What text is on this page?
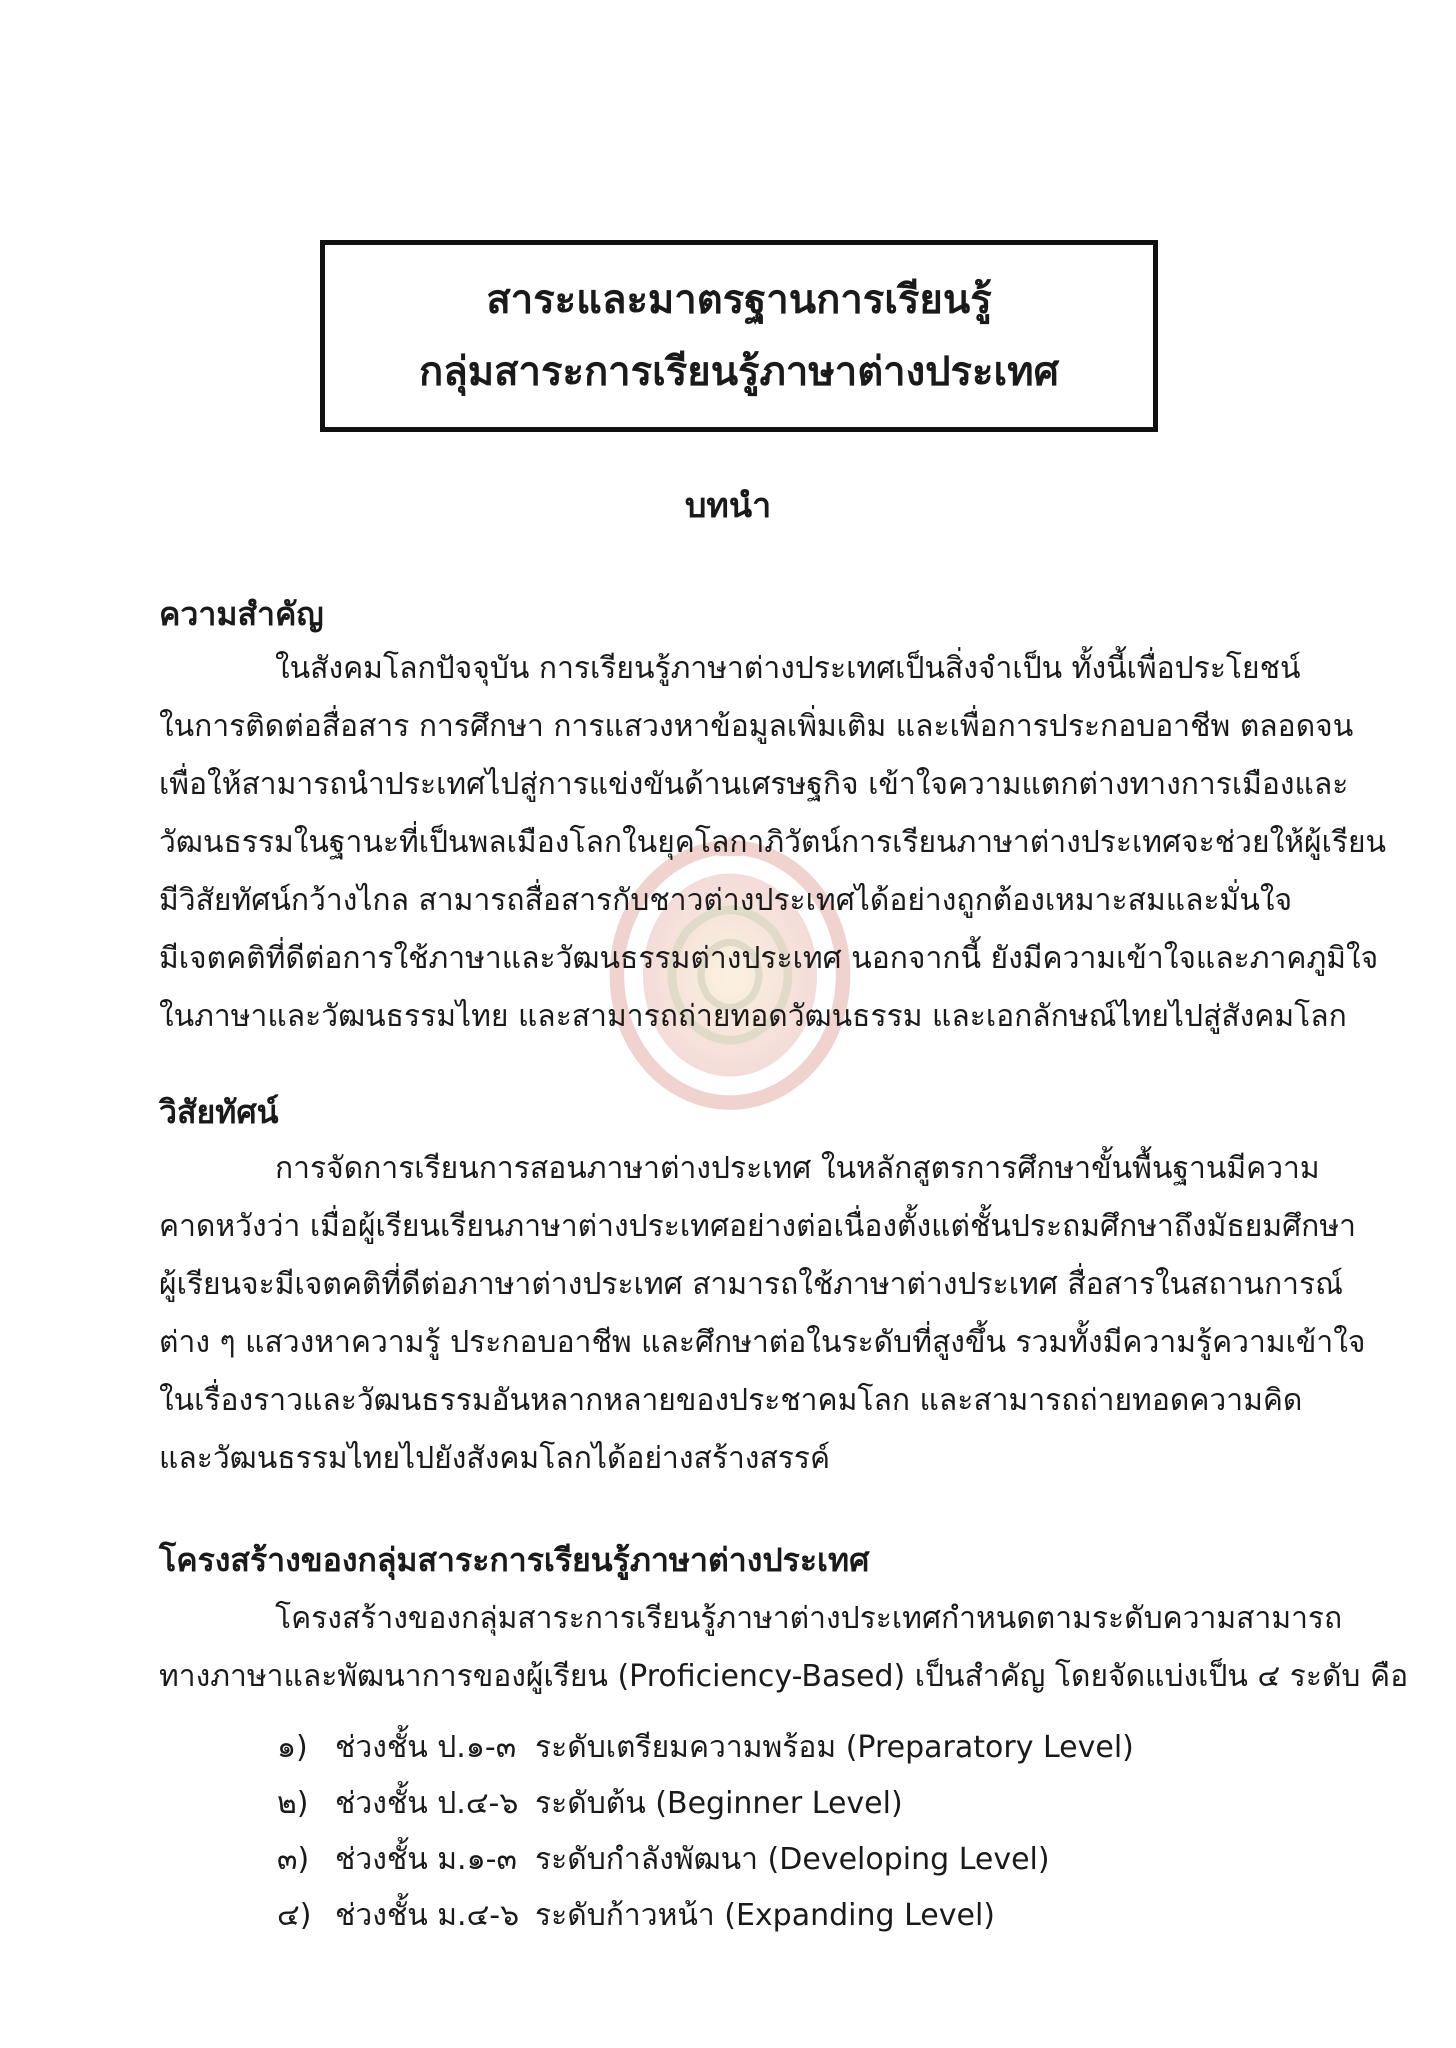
สาระและมาตรฐานการเรียนรู้
กลุ่มสาระการเรียนรู้ภาษาต่างประเทศ
บทนำ
ความสำคัญ
ในสังคมโลกปัจจุบัน การเรียนรู้ภาษาต่างประเทศเป็นสิ่งจำเป็น ทั้งนี้เพื่อประโยชน์
ในการติดต่อสื่อสาร การศึกษา การแสวงหาข้อมูลเพิ่มเติม และเพื่อการประกอบอาชีพ ตลอดจน
เพื่อให้สามารถนำประเทศไปสู่การแข่งขันด้านเศรษฐกิจ เข้าใจความแตกต่างทางการเมืองและ
วัฒนธรรมในฐานะที่เป็นพลเมืองโลกในยุคโลกาภิวัตน์การเรียนภาษาต่างประเทศจะช่วยให้ผู้เรียน
มีวิสัยทัศน์กว้างไกล สามารถสื่อสารกับชาวต่างประเทศได้อย่างถูกต้องเหมาะสมและมั่นใจ
มีเจตคติที่ดีต่อการใช้ภาษาและวัฒนธรรมต่างประเทศ นอกจากนี้ ยังมีความเข้าใจและภาคภูมิใจ
ในภาษาและวัฒนธรรมไทย และสามารถถ่ายทอดวัฒนธรรม และเอกลักษณ์ไทยไปสู่สังคมโลก
วิสัยทัศน์
การจัดการเรียนการสอนภาษาต่างประเทศ ในหลักสูตรการศึกษาขั้นพื้นฐานมีความ
คาดหวังว่า เมื่อผู้เรียนเรียนภาษาต่างประเทศอย่างต่อเนื่องตั้งแต่ชั้นประถมศึกษาถึงมัธยมศึกษา
ผู้เรียนจะมีเจตคติที่ดีต่อภาษาต่างประเทศ สามารถใช้ภาษาต่างประเทศ สื่อสารในสถานการณ์
ต่าง ๆ แสวงหาความรู้ ประกอบอาชีพ และศึกษาต่อในระดับที่สูงขึ้น รวมทั้งมีความรู้ความเข้าใจ
ในเรื่องราวและวัฒนธรรมอันหลากหลายของประชาคมโลก และสามารถถ่ายทอดความคิด
และวัฒนธรรมไทยไปยังสังคมโลกได้อย่างสร้างสรรค์
โครงสร้างของกลุ่มสาระการเรียนรู้ภาษาต่างประเทศ
โครงสร้างของกลุ่มสาระการเรียนรู้ภาษาต่างประเทศกำหนดตามระดับความสามารถ
ทางภาษาและพัฒนาการของผู้เรียน (Proficiency-Based) เป็นสำคัญ โดยจัดแบ่งเป็น ๔ ระดับ คือ
๑) ช่วงชั้น ป.๑-๓ ระดับเตรียมความพร้อม (Preparatory Level)
๒) ช่วงชั้น ป.๔-๖ ระดับต้น (Beginner Level)
๓) ช่วงชั้น ม.๑-๓ ระดับกำลังพัฒนา (Developing Level)
๔) ช่วงชั้น ม.๔-๖ ระดับก้าวหน้า (Expanding Level)
